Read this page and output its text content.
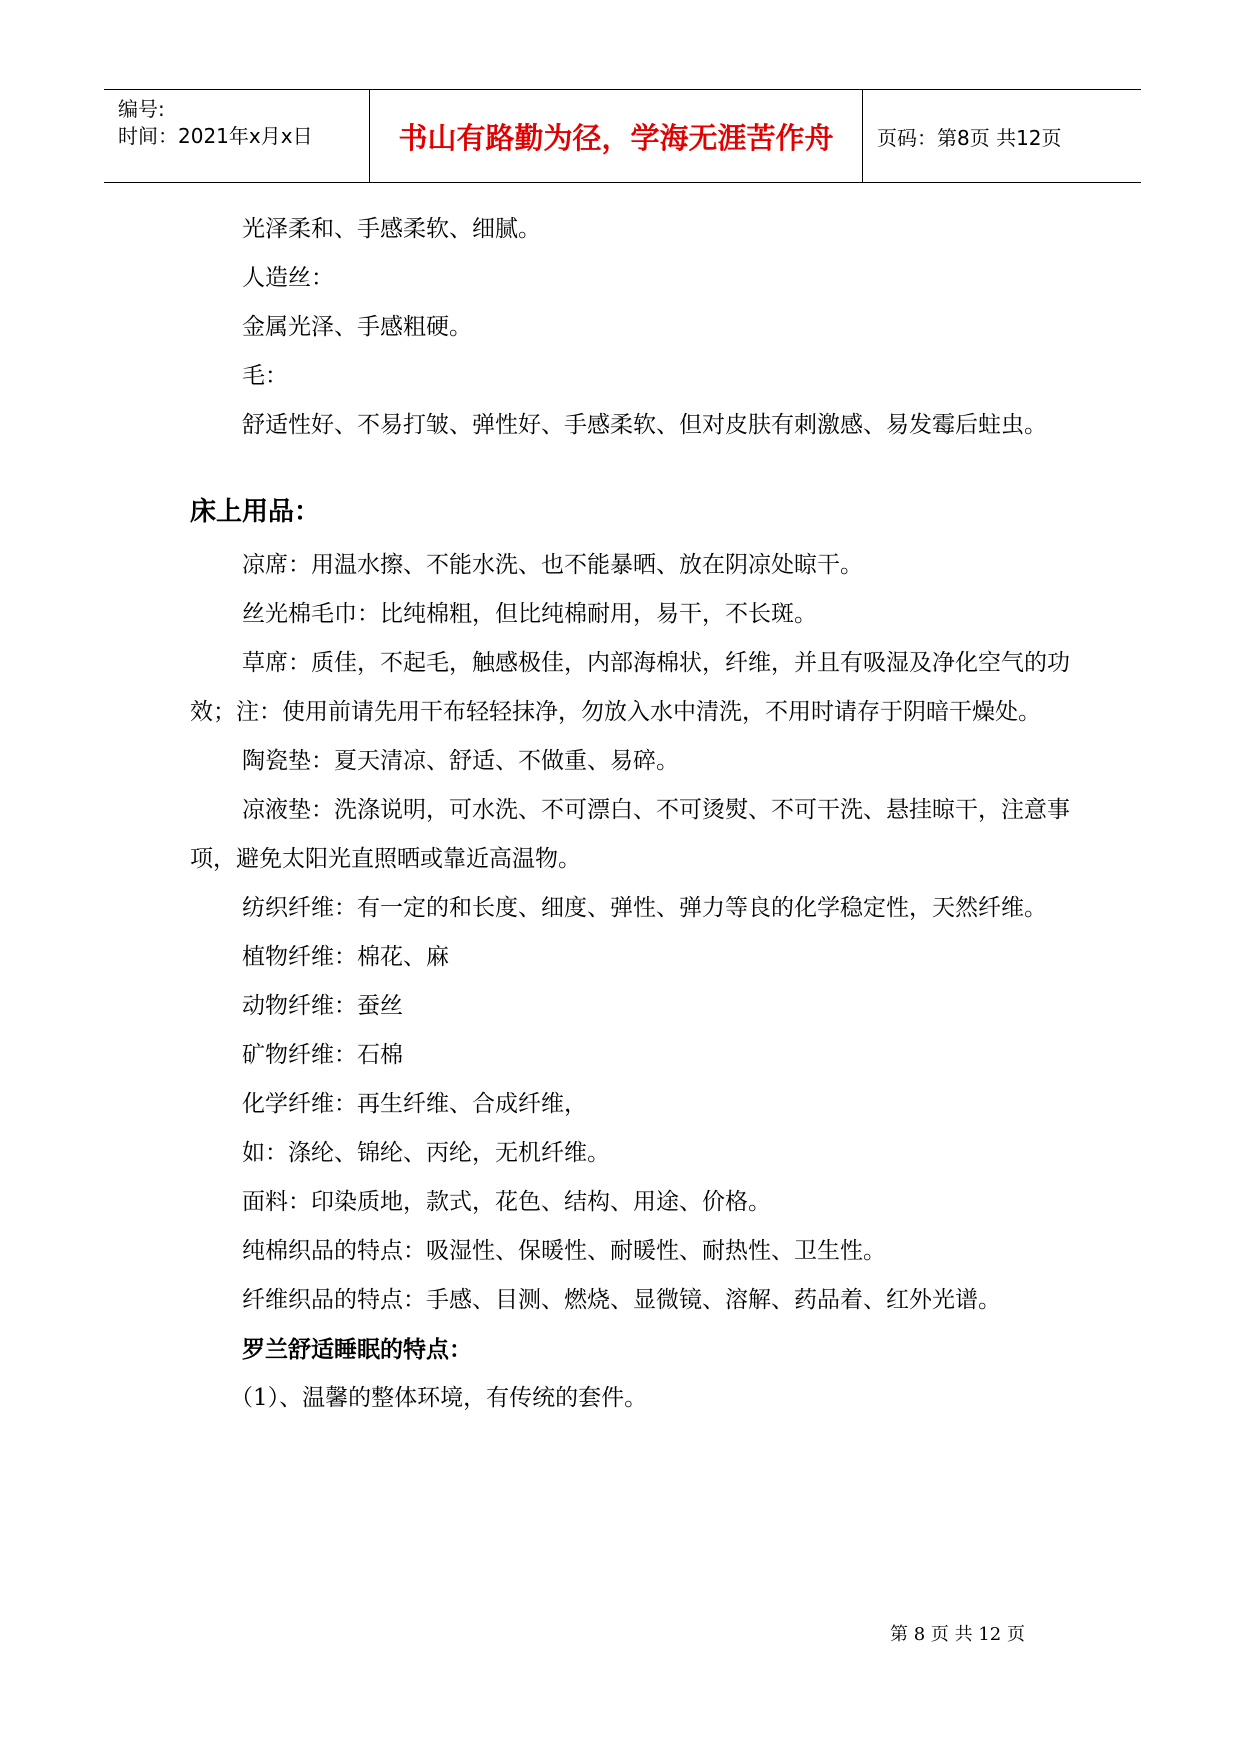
编号:
时间：2021年x月x日	书山有路勤为径，学海无涯苦作舟	页码：第8页 共12页

光泽柔和、手感柔软、细腻。

人造丝：

金属光泽、手感粗硬。

毛：

舒适性好、不易打皱、弹性好、手感柔软、但对皮肤有刺激感、易发霉后蛀虫。

床上用品：

凉席：用温水擦、不能水洗、也不能暴晒、放在阴凉处晾干。

丝光棉毛巾：比纯棉粗，但比纯棉耐用，易干，不长斑。

草席：质佳，不起毛，触感极佳，内部海棉状，纤维，并且有吸湿及净化空气的功效；注：使用前请先用干布轻轻抹净，勿放入水中清洗，不用时请存于阴暗干燥处。

陶瓷垫：夏天清凉、舒适、不做重、易碎。

凉液垫：洗涤说明，可水洗、不可漂白、不可烫熨、不可干洗、悬挂晾干，注意事项，避免太阳光直照晒或靠近高温物。

纺织纤维：有一定的和长度、细度、弹性、弹力等良的化学稳定性，天然纤维。

植物纤维：棉花、麻

动物纤维：蚕丝

矿物纤维：石棉

化学纤维：再生纤维、合成纤维，

如：涤纶、锦纶、丙纶，无机纤维。

面料：印染质地，款式，花色、结构、用途、价格。

纯棉织品的特点：吸湿性、保暖性、耐暖性、耐热性、卫生性。

纤维织品的特点：手感、目测、燃烧、显微镜、溶解、药品着、红外光谱。

罗兰舒适睡眠的特点：

（1）、温馨的整体环境，有传统的套件。

第 8 页 共 12 页
